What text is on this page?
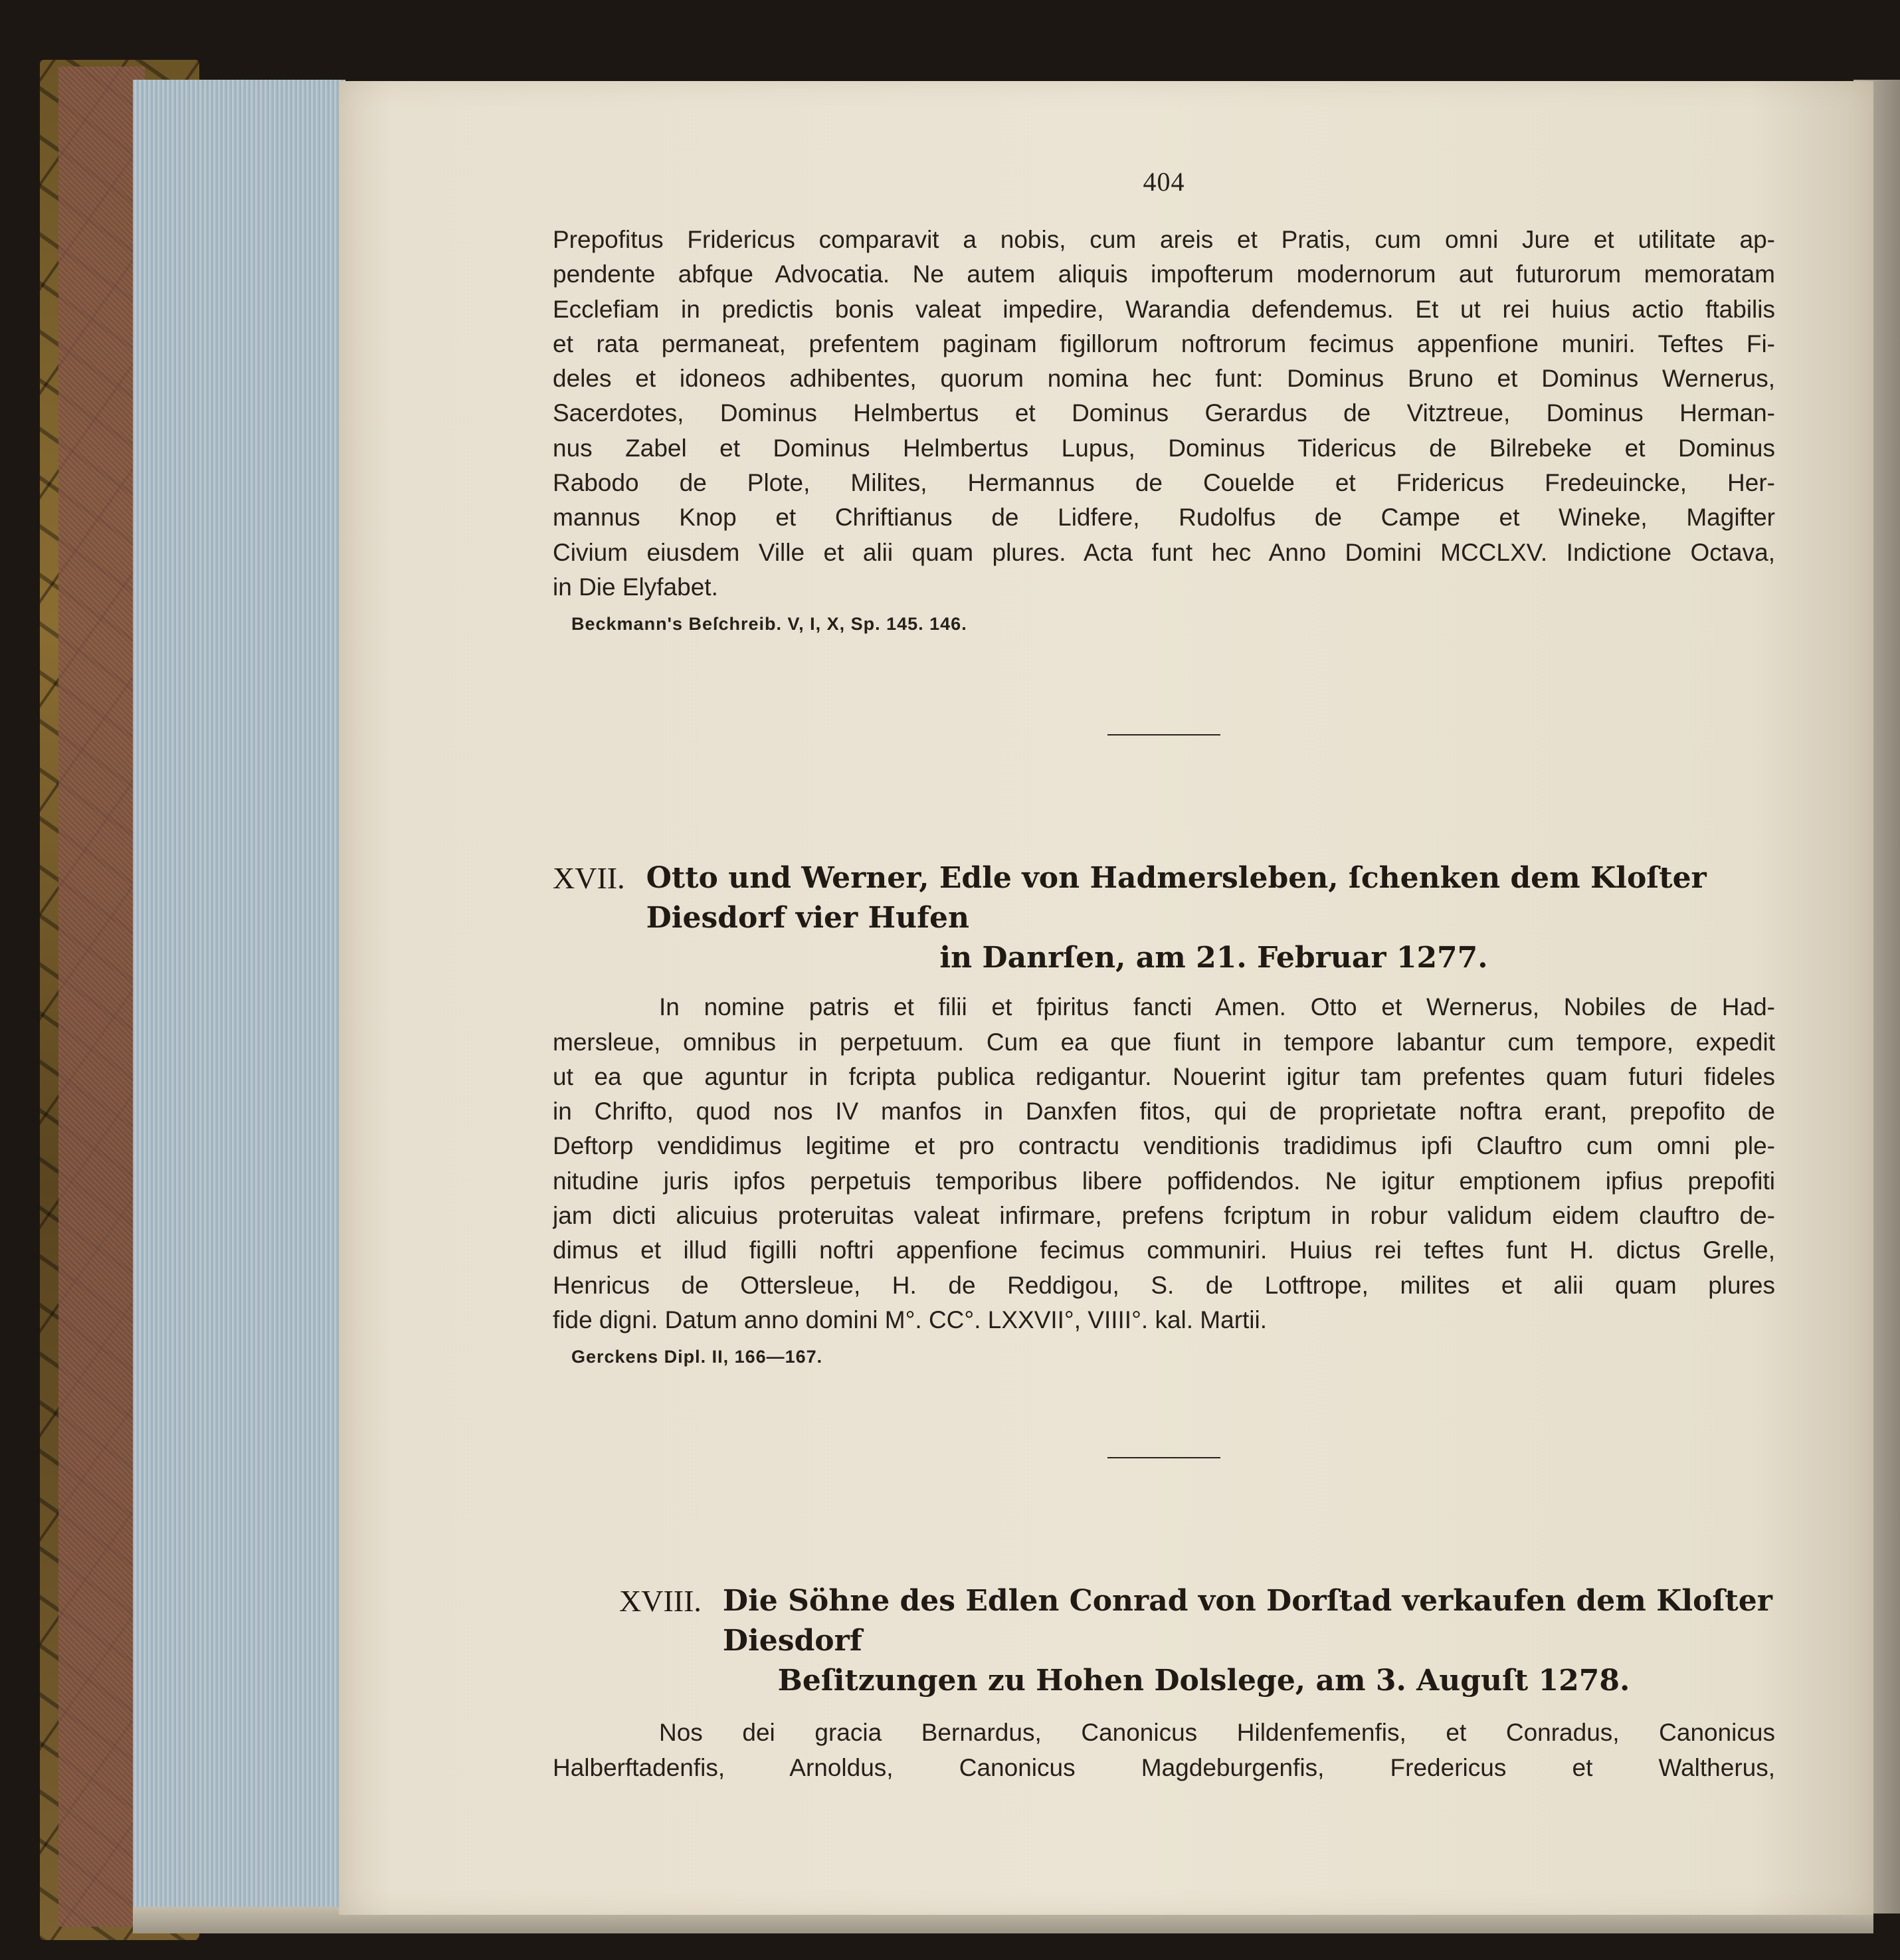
404
Prepofitus Fridericus comparavit a nobis, cum areis et Pratis, cum omni Jure et utilitate ap-
pendente abfque Advocatia. Ne autem aliquis impofterum modernorum aut futurorum memoratam
Ecclefiam in predictis bonis valeat impedire, Warandia defendemus. Et ut rei huius actio ftabilis
et rata permaneat, prefentem paginam figillorum noftrorum fecimus appenfione muniri. Teftes Fi-
deles et idoneos adhibentes, quorum nomina hec funt: Dominus Bruno et Dominus Wernerus,
Sacerdotes, Dominus Helmbertus et Dominus Gerardus de Vitztreue, Dominus Herman-
nus Zabel et Dominus Helmbertus Lupus, Dominus Tidericus de Bilrebeke et Dominus
Rabodo de Plote, Milites, Hermannus de Couelde et Fridericus Fredeuincke, Her-
mannus Knop et Chriftianus de Lidfere, Rudolfus de Campe et Wineke, Magifter
Civium eiusdem Ville et alii quam plures. Acta funt hec Anno Domini MCCLXV. Indictione Octava,
in Die Elyfabet.
Beckmann's Beſchreib. V, I, X, Sp. 145. 146.
XVII. Otto und Werner, Edle von Hadmersleben, ſchenken dem Kloſter Diesdorf vier Hufen
in Danrſen, am 21. Februar 1277.
In nomine patris et filii et fpiritus fancti Amen. Otto et Wernerus, Nobiles de Had-
mersleue, omnibus in perpetuum. Cum ea que fiunt in tempore labantur cum tempore, expedit
ut ea que aguntur in fcripta publica redigantur. Nouerint igitur tam prefentes quam futuri fideles
in Chrifto, quod nos IV manfos in Danxfen fitos, qui de proprietate noftra erant, prepofito de
Deftorp vendidimus legitime et pro contractu venditionis tradidimus ipfi Clauftro cum omni ple-
nitudine juris ipfos perpetuis temporibus libere poffidendos. Ne igitur emptionem ipfius prepofiti
jam dicti alicuius proteruitas valeat infirmare, prefens fcriptum in robur validum eidem clauftro de-
dimus et illud figilli noftri appenfione fecimus communiri. Huius rei teftes funt H. dictus Grelle,
Henricus de Ottersleue, H. de Reddigou, S. de Lotftrope, milites et alii quam plures
fide digni. Datum anno domini M°. CC°. LXXVII°, VIIII°. kal. Martii.
Gerckens Dipl. II, 166—167.
XVIII. Die Söhne des Edlen Conrad von Dorſtad verkaufen dem Kloſter Diesdorf
Beſitzungen zu Hohen Dolslege, am 3. Auguſt 1278.
Nos dei gracia Bernardus, Canonicus Hildenfemenfis, et Conradus, Canonicus
Halberftadenfis, Arnoldus, Canonicus Magdeburgenfis, Fredericus et Waltherus,
